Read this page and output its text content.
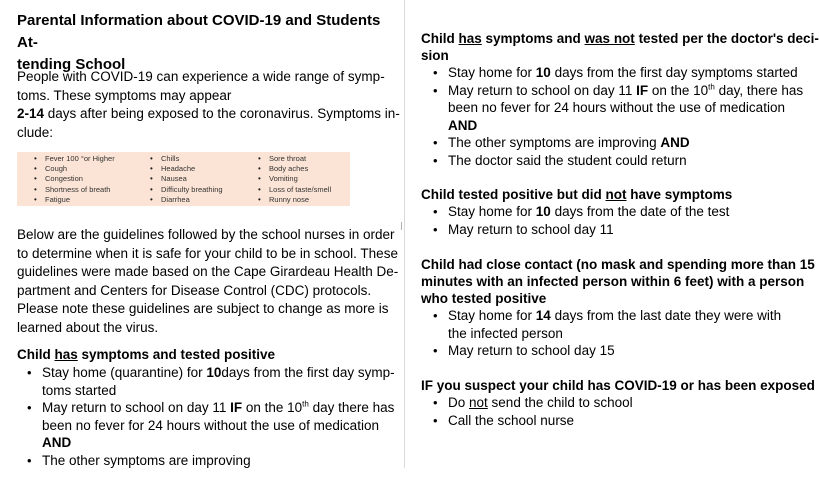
Parental Information about COVID-19 and Students At-
tending School
People with COVID-19 can experience a wide range of symp-
toms. These symptoms may appear
2-14 days after being exposed to the coronavirus. Symptoms in-
clude:
• Fever 100 °or Higher
• Cough
• Congestion
• Shortness of breath
• Fatigue
• Chills
• Headache
• Nausea
• Difficulty breathing
• Diarrhea
• Sore throat
• Body aches
• Vomiting
• Loss of taste/smell
• Runny nose
Below are the guidelines followed by the school nurses in order
to determine when it is safe for your child to be in school. These
guidelines were made based on the Cape Girardeau Health De-
partment and Centers for Disease Control (CDC) protocols.
Please note these guidelines are subject to change as more is
learned about the virus.
Child has symptoms and tested positive
• Stay home (quarantine) for 10days from the first day symp-
toms started
• May return to school on day 11 IF on the 10th day there has
been no fever for 24 hours without the use of medication
AND
• The other symptoms are improving
Child has symptoms and was not tested per the doctor's deci-
sion
• Stay home for 10 days from the first day symptoms started
• May return to school on day 11 IF on the 10th day, there has
been no fever for 24 hours without the use of medication
AND
• The other symptoms are improving AND
• The doctor said the student could return
Child tested positive but did not have symptoms
• Stay home for 10 days from the date of the test
• May return to school day 11
Child had close contact (no mask and spending more than 15
minutes with an infected person within 6 feet) with a person
who tested positive
• Stay home for 14 days from the last date they were with
the infected person
• May return to school day 15
IF you suspect your child has COVID-19 or has been exposed
• Do not send the child to school
• Call the school nurse
